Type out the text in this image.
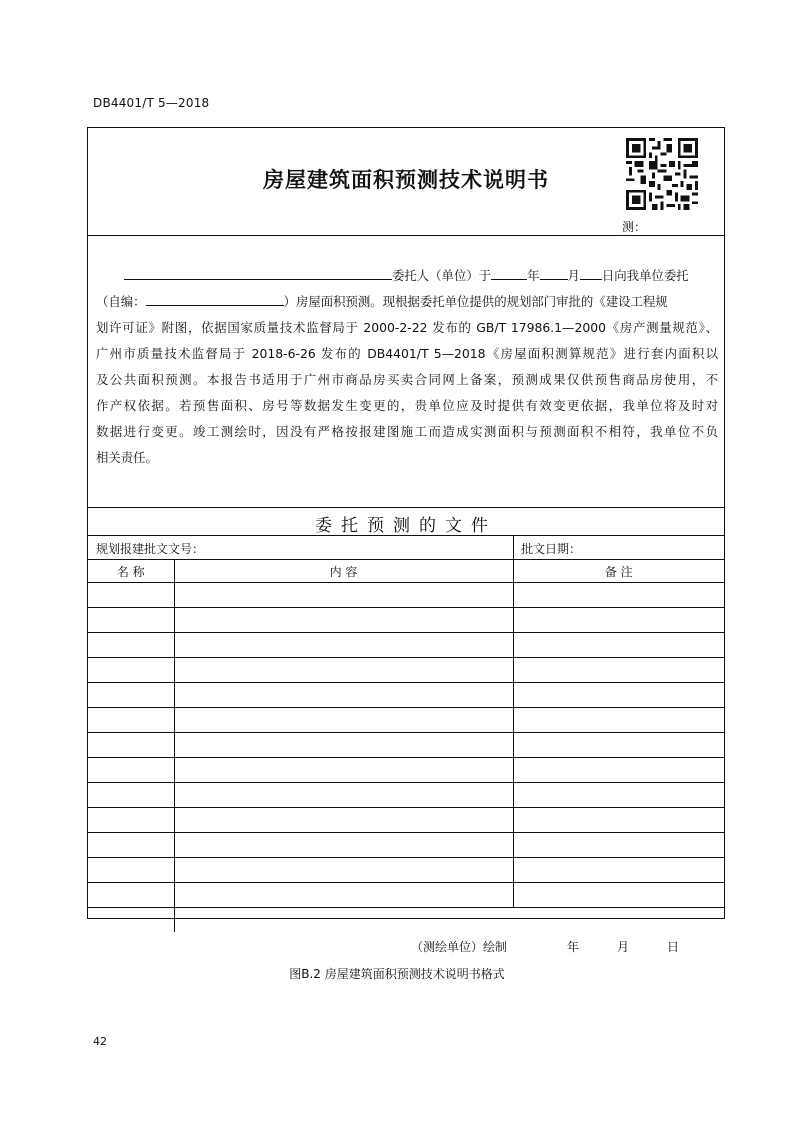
DB4401/T 5—2018
房屋建筑面积预测技术说明书
测：
委托人（单位）于	年 月 日向我单位委托
（自编：	）房屋面积预测。现根据委托单位提供的规划部门审批的《建设工程规
划许可证》附图，依据国家质量技术监督局于 2000-2-22 发布的 GB/T 17986.1—2000《房产测量规范》、
广州市质量技术监督局于 2018-6-26 发布的 DB4401/T 5—2018《房屋面积测算规范》进行套内面积以
及公共面积预测。本报告书适用于广州市商品房买卖合同网上备案，预测成果仅供预售商品房使用，不
作产权依据。若预售面积、房号等数据发生变更的，贵单位应及时提供有效变更依据，我单位将及时对
数据进行变更。竣工测绘时，因没有严格按报建图施工而造成实测面积与预测面积不相符，我单位不负
相关责任。
委托预测的文件
规划报建批文文号：	批文日期：
名 称	内 容	备 注

（测绘单位）绘制	年	月	日
图B.2 房屋建筑面积预测技术说明书格式
42
